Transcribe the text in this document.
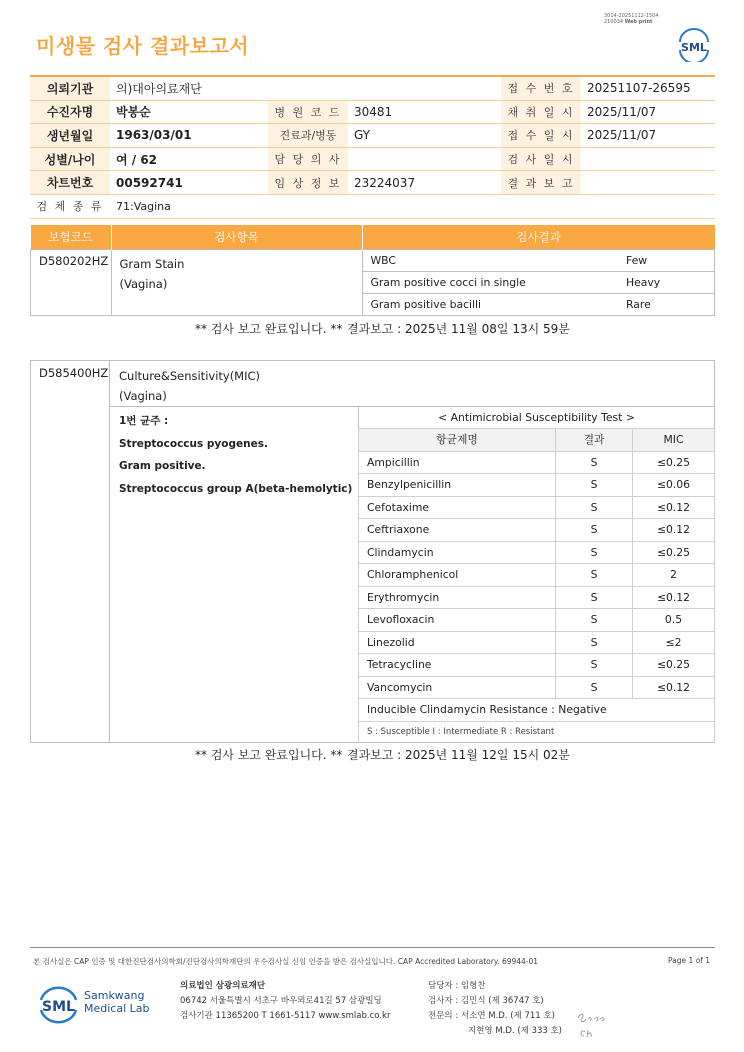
미생물 검사 결과보고서
3014-20251112-1504
210034 Web print
SML
의뢰기관	의)대아의료재단				접 수 번 호	20251107-26595
수진자명	박봉순	병 원 코 드	30481		채 취 일 시	2025/11/07
생년월일	1963/03/01	진료과/병동	GY		접 수 일 시	2025/11/07
성별/나이	여 / 62	담 당 의 사			검 사 일 시	
차트번호	00592741	임 상 정 보	23224037		결 과 보 고	
검 체 종 류	71:Vagina					
보험코드	검사항목	검사결과	
D580202HZ	Gram Stain
(Vagina)	WBC	Few
		Gram positive cocci in single	Heavy
		Gram positive bacilli	Rare
** 검사 보고 완료입니다. ** 결과보고 : 2025년 11월 08일 13시 59분
D585400HZ Culture&Sensitivity(MIC)
(Vagina)
1번 균주 :
Streptococcus pyogenes.
Gram positive.
Streptococcus group A(beta-hemolytic)
< Antimicrobial Susceptibility Test >
항균제명	결과	MIC
Ampicillin	S	≤0.25
Benzylpenicillin	S	≤0.06
Cefotaxime	S	≤0.12
Ceftriaxone	S	≤0.12
Clindamycin	S	≤0.25
Chloramphenicol	S	2
Erythromycin	S	≤0.12
Levofloxacin	S	0.5
Linezolid	S	≤2
Tetracycline	S	≤0.25
Vancomycin	S	≤0.12
Inducible Clindamycin Resistance : Negative		
S : Susceptible I : Intermediate R : Resistant		
** 검사 보고 완료입니다. ** 결과보고 : 2025년 11월 12일 15시 02분
본 검사실은 CAP 인증 및 대한진단검사의학회/진단검사의학재단의 우수검사실 신임 인증을 받은 검사실입니다. CAP Accredited Laboratory. 69944-01	Page 1 of 1
SML
Samkwang
Medical Lab
의료법인 삼광의료재단
06742 서울특별시 서초구 바우뫼로41길 57 삼광빌딩
검사기관 11365200 T 1661-5117 www.smlab.co.kr
담당자 : 임형찬
검사자 : 김민식 (제 36747 호)
전문의 : 서소연 M.D. (제 711 호)
지현영 M.D. (제 333 호)
